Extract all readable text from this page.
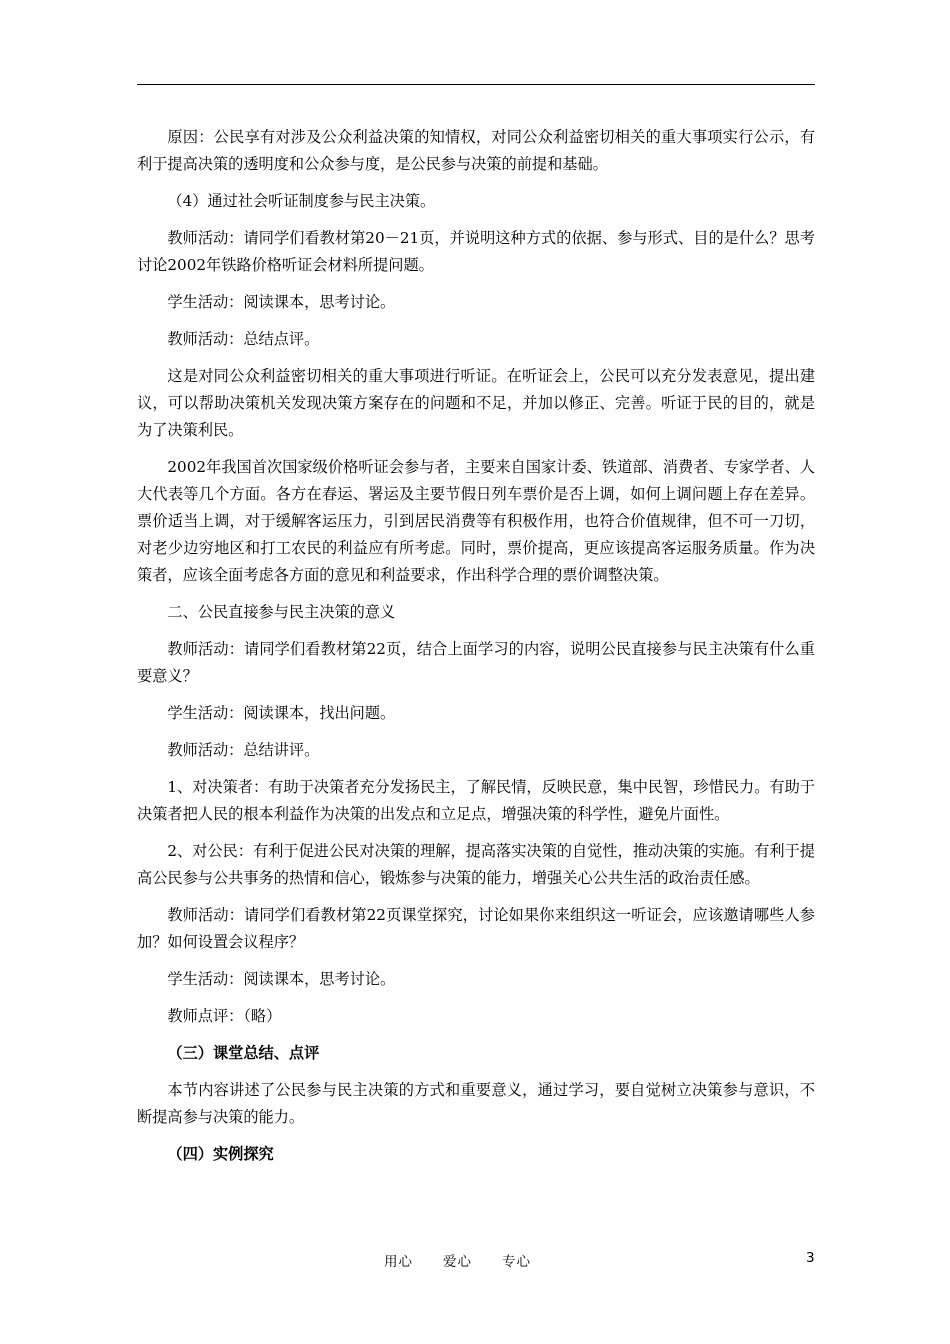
原因：公民享有对涉及公众利益决策的知情权，对同公众利益密切相关的重大事项实行公示，有利于提高决策的透明度和公众参与度，是公民参与决策的前提和基础。

（4）通过社会听证制度参与民主决策。

教师活动：请同学们看教材第20－21页，并说明这种方式的依据、参与形式、目的是什么？思考讨论2002年铁路价格听证会材料所提问题。

学生活动：阅读课本，思考讨论。

教师活动：总结点评。

这是对同公众利益密切相关的重大事项进行听证。在听证会上，公民可以充分发表意见，提出建议，可以帮助决策机关发现决策方案存在的问题和不足，并加以修正、完善。听证于民的目的，就是为了决策利民。

2002年我国首次国家级价格听证会参与者，主要来自国家计委、铁道部、消费者、专家学者、人大代表等几个方面。各方在春运、署运及主要节假日列车票价是否上调，如何上调问题上存在差异。票价适当上调，对于缓解客运压力，引到居民消费等有积极作用，也符合价值规律，但不可一刀切，对老少边穷地区和打工农民的利益应有所考虑。同时，票价提高，更应该提高客运服务质量。作为决策者，应该全面考虑各方面的意见和利益要求，作出科学合理的票价调整决策。

二、公民直接参与民主决策的意义

教师活动：请同学们看教材第22页，结合上面学习的内容，说明公民直接参与民主决策有什么重要意义？

学生活动：阅读课本，找出问题。

教师活动：总结讲评。

1、对决策者：有助于决策者充分发扬民主，了解民情，反映民意，集中民智，珍惜民力。有助于决策者把人民的根本利益作为决策的出发点和立足点，增强决策的科学性，避免片面性。

2、对公民：有利于促进公民对决策的理解，提高落实决策的自觉性，推动决策的实施。有利于提高公民参与公共事务的热情和信心，锻炼参与决策的能力，增强关心公共生活的政治责任感。

教师活动：请同学们看教材第22页课堂探究，讨论如果你来组织这一听证会，应该邀请哪些人参加？如何设置会议程序？

学生活动：阅读课本，思考讨论。

教师点评：（略）

（三）课堂总结、点评

本节内容讲述了公民参与民主决策的方式和重要意义，通过学习，要自觉树立决策参与意识，不断提高参与决策的能力。

（四）实例探究

用心 爱心 专心	3
